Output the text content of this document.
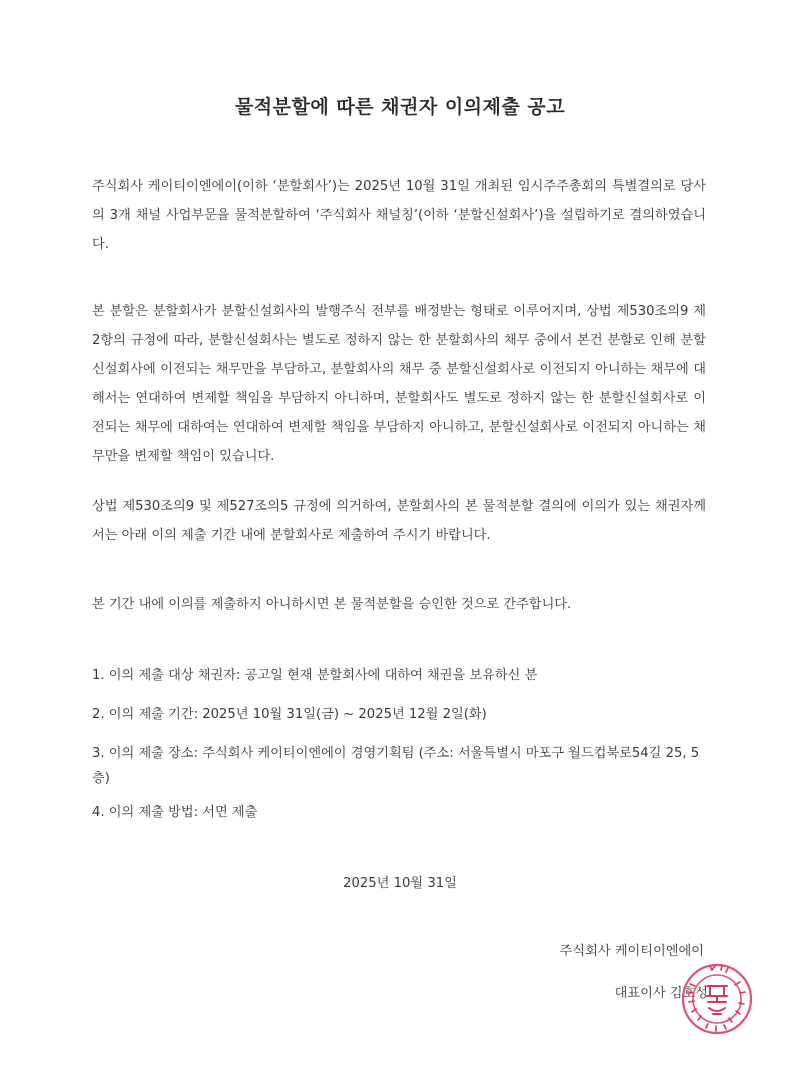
물적분할에 따른 채권자 이의제출 공고
주식회사 케이티이엔에이(이하 ‘분할회사’)는 2025년 10월 31일 개최된 임시주주총회의 특별결의로 당사의 3개 채널 사업부문을 물적분할하여 ‘주식회사 채널칭’(이하 ‘분할신설회사’)을 설립하기로 결의하였습니다.
본 분할은 분할회사가 분할신설회사의 발행주식 전부를 배정받는 형태로 이루어지며, 상법 제530조의9 제2항의 규정에 따라, 분할신설회사는 별도로 정하지 않는 한 분할회사의 채무 중에서 본건 분할로 인해 분할신설회사에 이전되는 채무만을 부담하고, 분할회사의 채무 중 분할신설회사로 이전되지 아니하는 채무에 대해서는 연대하여 변제할 책임을 부담하지 아니하며, 분할회사도 별도로 정하지 않는 한 분할신설회사로 이전되는 채무에 대하여는 연대하여 변제할 책임을 부담하지 아니하고, 분할신설회사로 이전되지 아니하는 채무만을 변제할 책임이 있습니다.
상법 제530조의9 및 제527조의5 규정에 의거하여, 분할회사의 본 물적분할 결의에 이의가 있는 채권자께서는 아래 이의 제출 기간 내에 분할회사로 제출하여 주시기 바랍니다.
본 기간 내에 이의를 제출하지 아니하시면 본 물적분할을 승인한 것으로 간주합니다.
1. 이의 제출 대상 채권자: 공고일 현재 분할회사에 대하여 채권을 보유하신 분
2. 이의 제출 기간: 2025년 10월 31일(금) ~ 2025년 12월 2일(화)
3. 이의 제출 장소: 주식회사 케이티이엔에이 경영기획팀 (주소: 서울특별시 마포구 월드컵북로54길 25, 5층)
4. 이의 제출 방법: 서면 제출
2025년 10월 31일
주식회사 케이티이엔에이
대표이사 김호성
